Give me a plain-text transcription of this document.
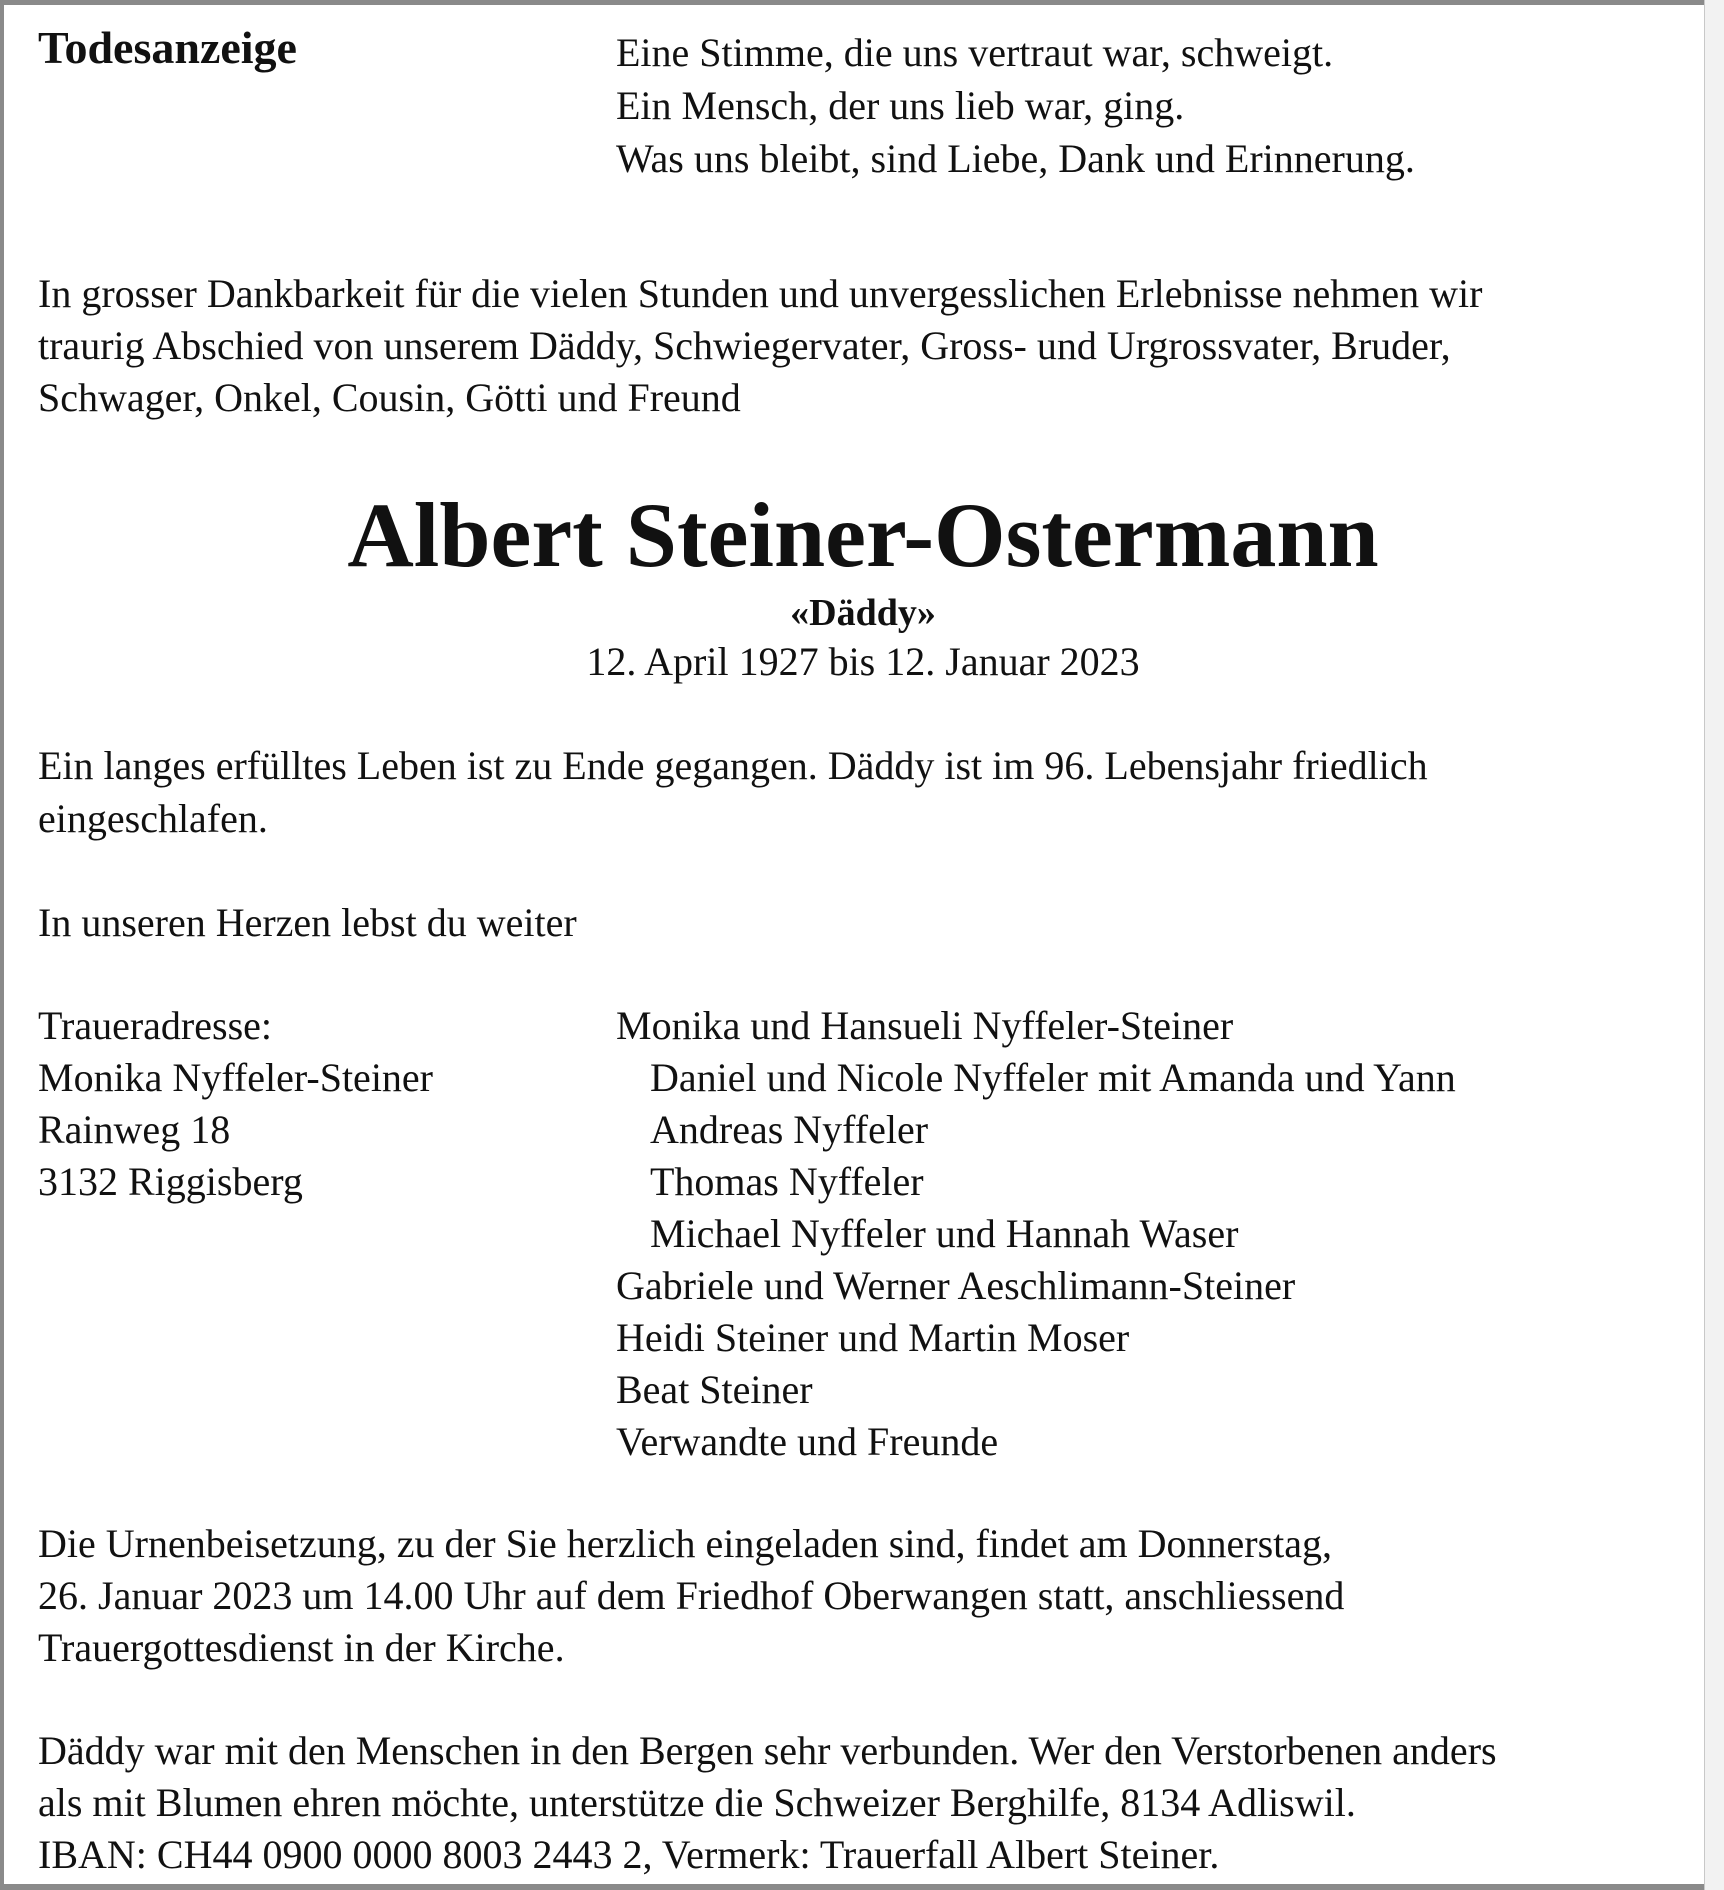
Todesanzeige	Eine Stimme, die uns vertraut war, schweigt.
Ein Mensch, der uns lieb war, ging.
Was uns bleibt, sind Liebe, Dank und Erinnerung.
In grosser Dankbarkeit für die vielen Stunden und unvergesslichen Erlebnisse nehmen wir
traurig Abschied von unserem Däddy, Schwiegervater, Gross- und Urgrossvater, Bruder,
Schwager, Onkel, Cousin, Götti und Freund
Albert Steiner-Ostermann
«Däddy»
12. April 1927 bis 12. Januar 2023
Ein langes erfülltes Leben ist zu Ende gegangen. Däddy ist im 96. Lebensjahr friedlich
eingeschlafen.
In unseren Herzen lebst du weiter
Traueradresse:
Monika Nyffeler-Steiner
Rainweg 18
3132 Riggisberg
Monika und Hansueli Nyffeler-Steiner
Daniel und Nicole Nyffeler mit Amanda und Yann
Andreas Nyffeler
Thomas Nyffeler
Michael Nyffeler und Hannah Waser
Gabriele und Werner Aeschlimann-Steiner
Heidi Steiner und Martin Moser
Beat Steiner
Verwandte und Freunde
Die Urnenbeisetzung, zu der Sie herzlich eingeladen sind, findet am Donnerstag,
26. Januar 2023 um 14.00 Uhr auf dem Friedhof Oberwangen statt, anschliessend
Trauergottesdienst in der Kirche.
Däddy war mit den Menschen in den Bergen sehr verbunden. Wer den Verstorbenen anders
als mit Blumen ehren möchte, unterstütze die Schweizer Berghilfe, 8134 Adliswil.
IBAN: CH44 0900 0000 8003 2443 2, Vermerk: Trauerfall Albert Steiner.
